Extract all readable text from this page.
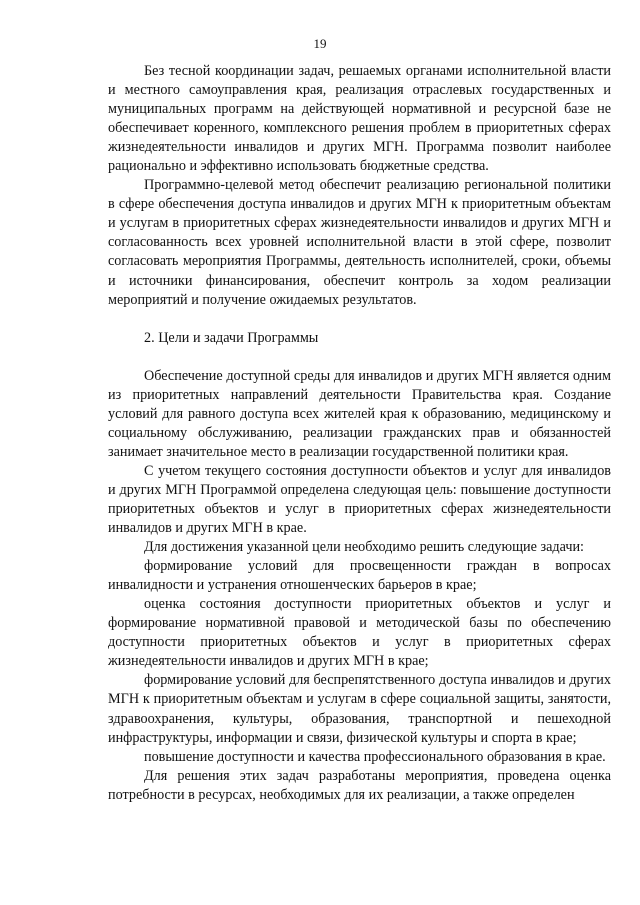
19

Без тесной координации задач, решаемых органами исполнительной власти и местного самоуправления края, реализация отраслевых государственных и муниципальных программ на действующей нормативной и ресурсной базе не обеспечивает коренного, комплексного решения проблем в приоритетных сферах жизнедеятельности инвалидов и других МГН. Программа позволит наиболее рационально и эффективно использовать бюджетные средства.

Программно-целевой метод обеспечит реализацию региональной политики в сфере обеспечения доступа инвалидов и других МГН к приоритетным объектам и услугам в приоритетных сферах жизнедеятельности инвалидов и других МГН и согласованность всех уровней исполнительной власти в этой сфере, позволит согласовать мероприятия Программы, деятельность исполнителей, сроки, объемы и источники финансирования, обеспечит контроль за ходом реализации мероприятий и получение ожидаемых результатов.

2. Цели и задачи Программы

Обеспечение доступной среды для инвалидов и других МГН является одним из приоритетных направлений деятельности Правительства края. Создание условий для равного доступа всех жителей края к образованию, медицинскому и социальному обслуживанию, реализации гражданских прав и обязанностей занимает значительное место в реализации государственной политики края.

С учетом текущего состояния доступности объектов и услуг для инвалидов и других МГН Программой определена следующая цель: повышение доступности приоритетных объектов и услуг в приоритетных сферах жизнедеятельности инвалидов и других МГН в крае.

Для достижения указанной цели необходимо решить следующие задачи:

формирование условий для просвещенности граждан в вопросах инвалидности и устранения отношенческих барьеров в крае;

оценка состояния доступности приоритетных объектов и услуг и формирование нормативной правовой и методической базы по обеспечению доступности приоритетных объектов и услуг в приоритетных сферах жизнедеятельности инвалидов и других МГН в крае;

формирование условий для беспрепятственного доступа инвалидов и других МГН к приоритетным объектам и услугам в сфере социальной защиты, занятости, здравоохранения, культуры, образования, транспортной и пешеходной инфраструктуры, информации и связи, физической культуры и спорта в крае;

повышение доступности и качества профессионального образования в крае.

Для решения этих задач разработаны мероприятия, проведена оценка потребности в ресурсах, необходимых для их реализации, а также определен
